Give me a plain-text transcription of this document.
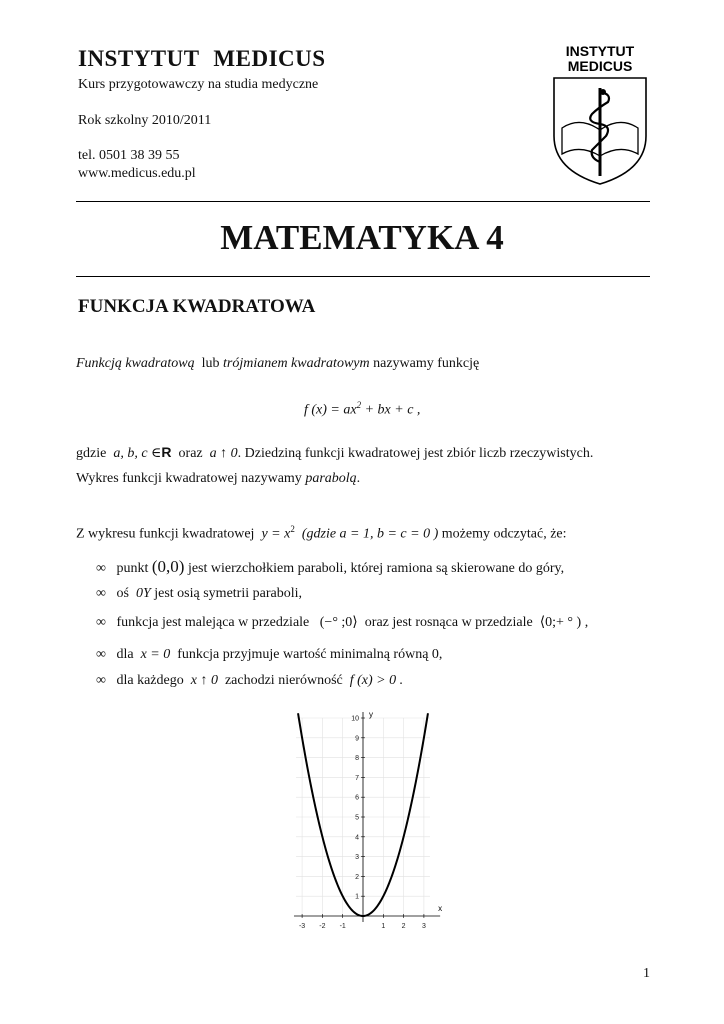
INSTYTUT MEDICUS
Kurs przygotowawczy na studia medyczne
Rok szkolny 2010/2011
tel. 0501 38 39 55
www.medicus.edu.pl
INSTYTUT
MEDICUS
MATEMATYKA 4
FUNKCJA KWADRATOWA
Funkcją kwadratową lub trójmianem kwadratowym nazywamy funkcję
f $(x) = ax^2$ + bx + c ,
gdzie a, b, c ∈R oraz a ↑ 0. Dziedziną funkcji kwadratowej jest zbiór liczb rzeczywistych.
Wykres funkcji kwadratowej nazywamy parabolą.
Z wykresu funkcji kwadratowej $y = x^2$ (gdzie a = 1, b = c = 0 ) możemy odczytać, że:
∞ punkt (0,0) jest wierzchołkiem paraboli, której ramiona są skierowane do góry,
∞ oś 0Y jest osią symetrii paraboli,
∞ funkcja jest malejąca w przedziale (−° ;0⟩ oraz jest rosnąca w przedziale ⟨0;+ ° ) ,
∞ dla x = 0 funkcja przyjmuje wartość minimalną równą 0,
∞ dla każdego x ↑ 0 zachodzi nierówność f (x) > 0 .
-3 -2 -1	1 2 3
1
2
3
4
5
6
7
8
9
10
x
y
1
